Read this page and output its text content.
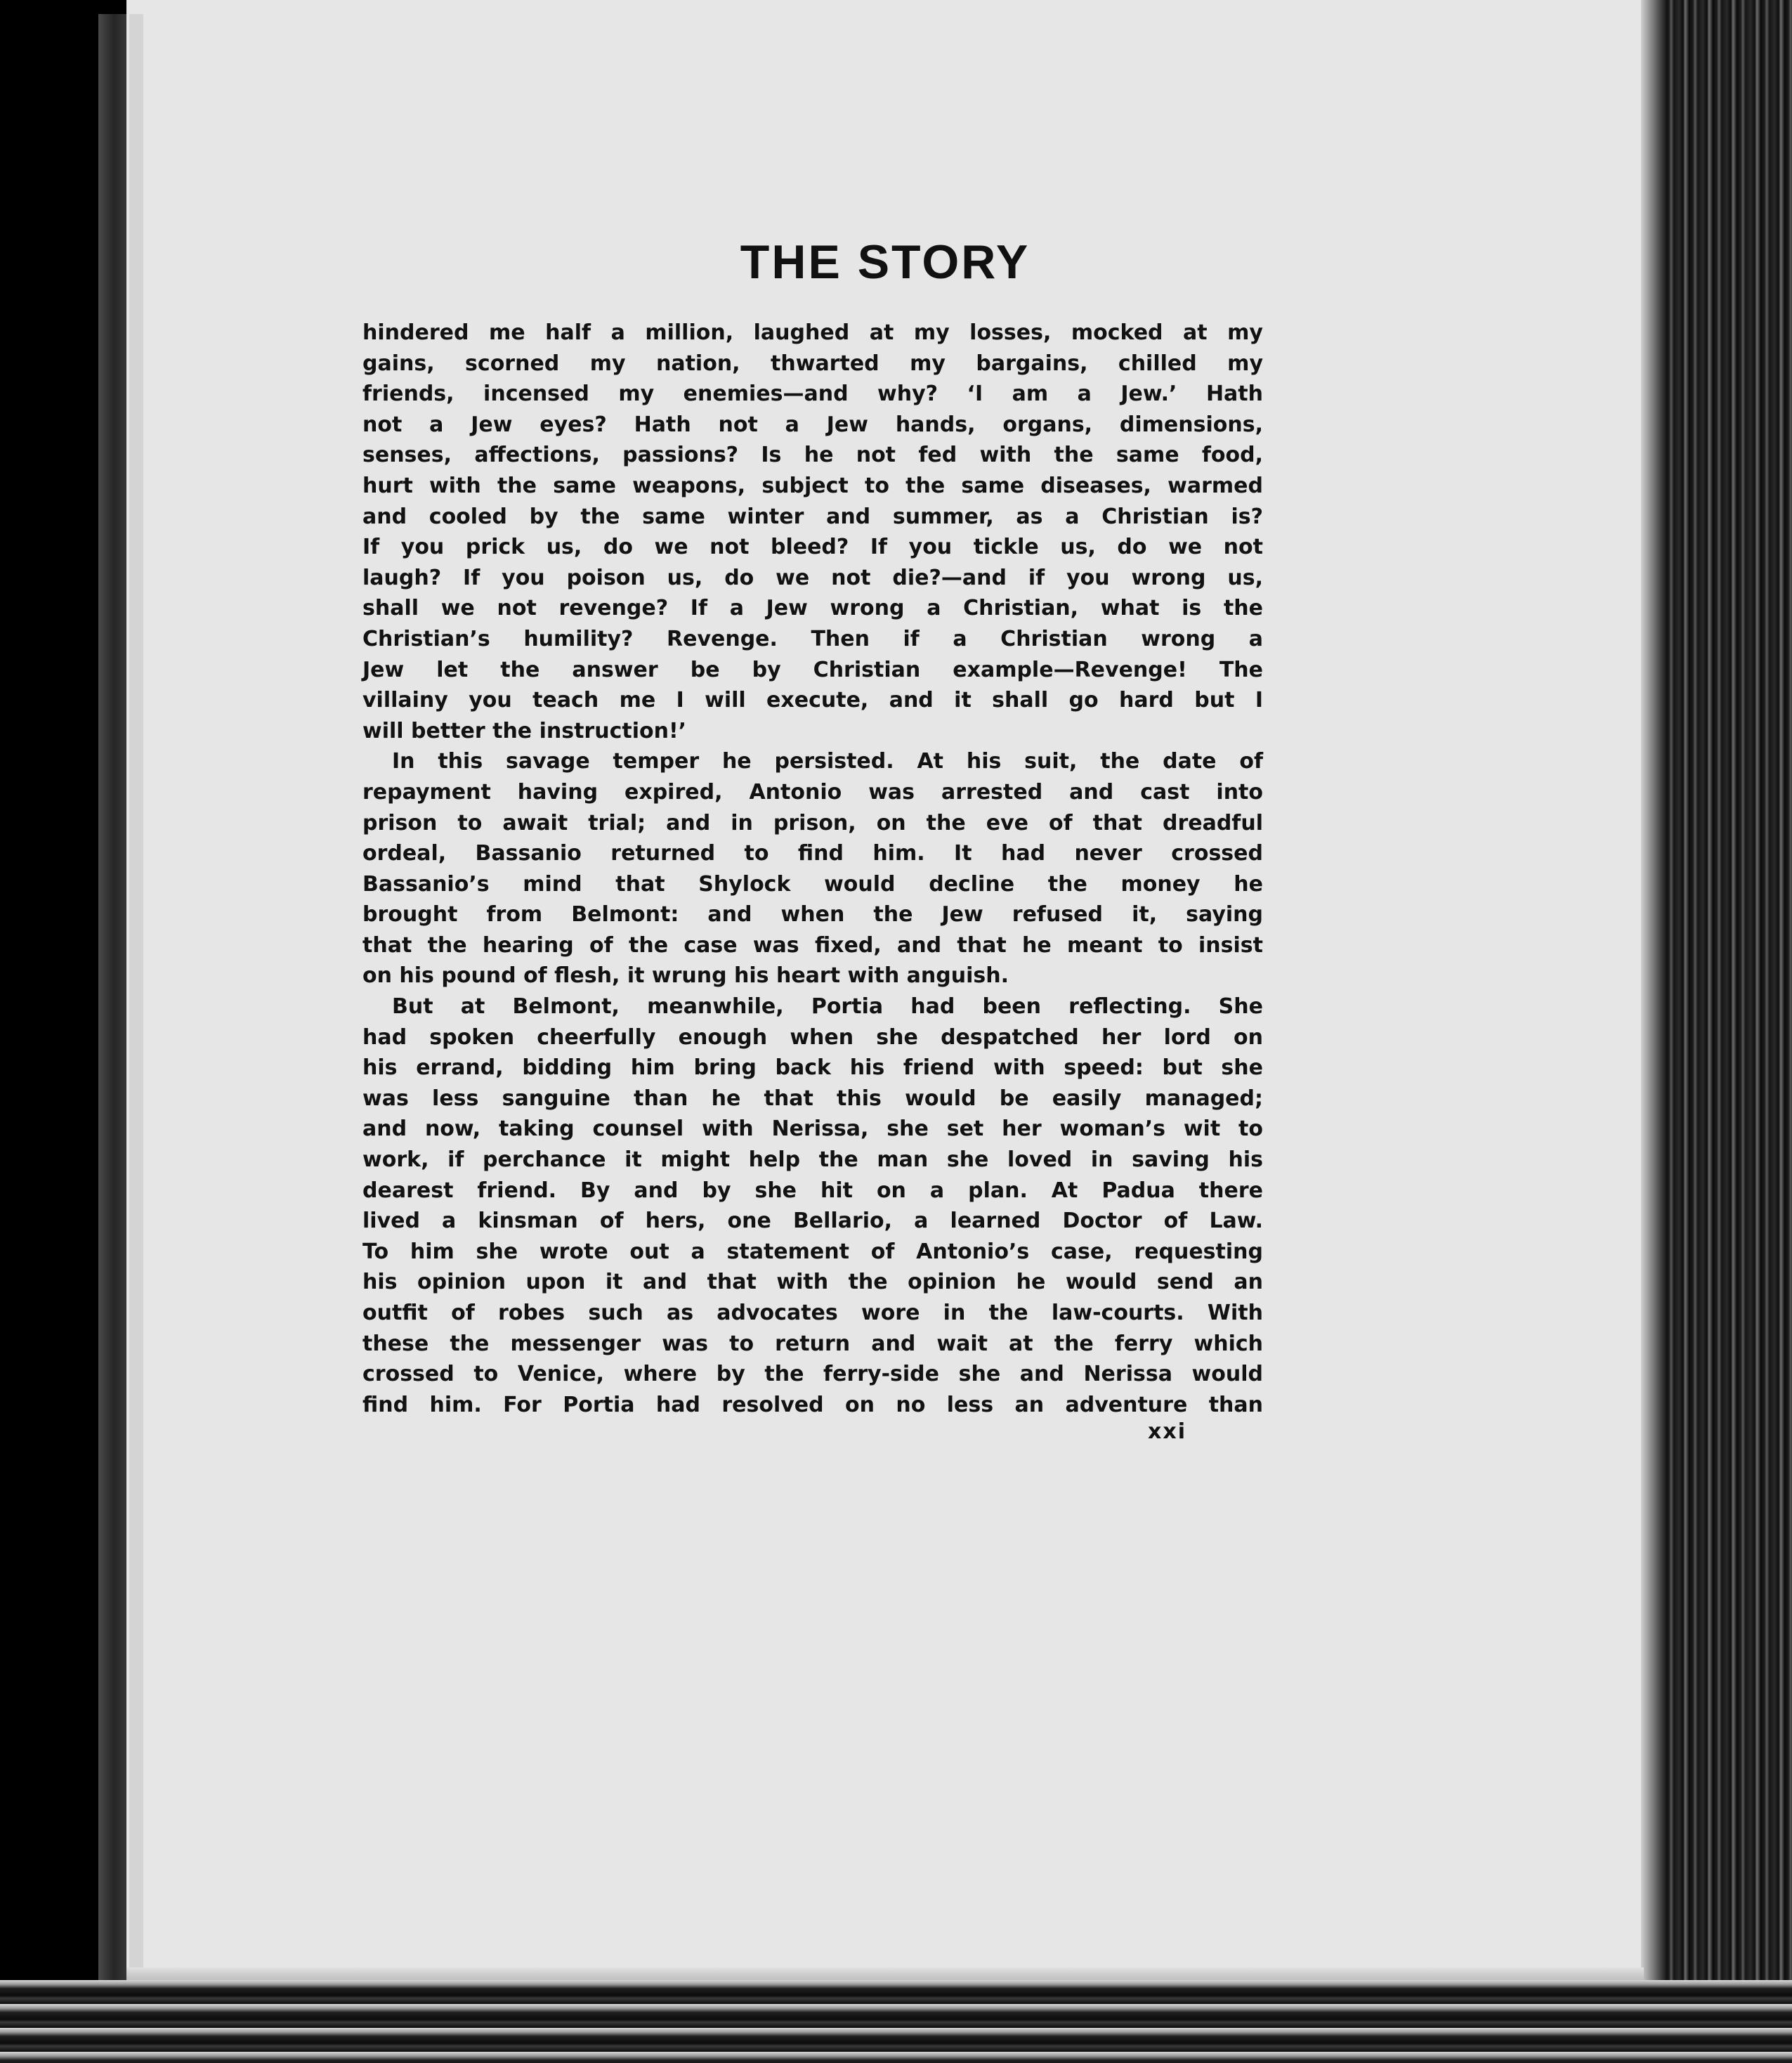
THE STORY
hindered me half a million, laughed at my losses, mocked at my
gains, scorned my nation, thwarted my bargains, chilled my
friends, incensed my enemies—and why? ‘I am a Jew.’ Hath
not a Jew eyes? Hath not a Jew hands, organs, dimensions,
senses, affections, passions? Is he not fed with the same food,
hurt with the same weapons, subject to the same diseases, warmed
and cooled by the same winter and summer, as a Christian is?
If you prick us, do we not bleed? If you tickle us, do we not
laugh? If you poison us, do we not die?—and if you wrong us,
shall we not revenge? If a Jew wrong a Christian, what is the
Christian’s humility? Revenge. Then if a Christian wrong a
Jew let the answer be by Christian example—Revenge! The
villainy you teach me I will execute, and it shall go hard but I
will better the instruction!’
In this savage temper he persisted. At his suit, the date of
repayment having expired, Antonio was arrested and cast into
prison to await trial; and in prison, on the eve of that dreadful
ordeal, Bassanio returned to find him. It had never crossed
Bassanio’s mind that Shylock would decline the money he
brought from Belmont: and when the Jew refused it, saying
that the hearing of the case was fixed, and that he meant to insist
on his pound of flesh, it wrung his heart with anguish.
But at Belmont, meanwhile, Portia had been reflecting. She
had spoken cheerfully enough when she despatched her lord on
his errand, bidding him bring back his friend with speed: but she
was less sanguine than he that this would be easily managed;
and now, taking counsel with Nerissa, she set her woman’s wit to
work, if perchance it might help the man she loved in saving his
dearest friend. By and by she hit on a plan. At Padua there
lived a kinsman of hers, one Bellario, a learned Doctor of Law.
To him she wrote out a statement of Antonio’s case, requesting
his opinion upon it and that with the opinion he would send an
outfit of robes such as advocates wore in the law-courts. With
these the messenger was to return and wait at the ferry which
crossed to Venice, where by the ferry-side she and Nerissa would
find him. For Portia had resolved on no less an adventure than
xxi
